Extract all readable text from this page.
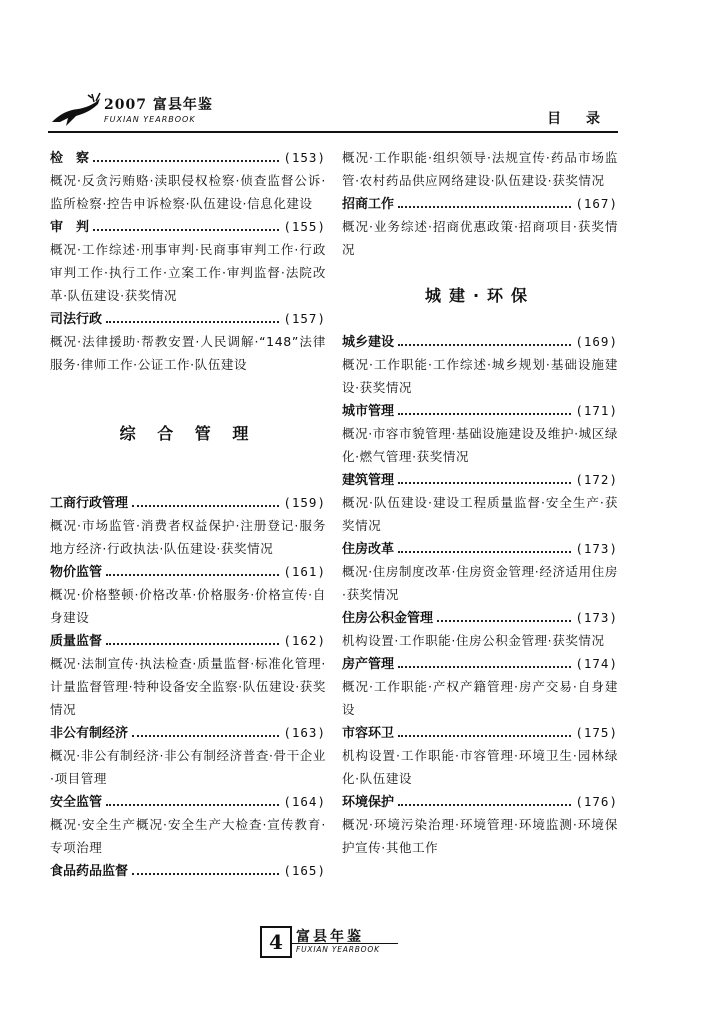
2007 富县年鉴
FUXIAN YEARBOOK	目 录
检　察	(153)
概况·反贪污贿赂·渎职侵权检察·侦查监督公诉·监所检察·控告申诉检察·队伍建设·信息化建设
审　判	(155)
概况·工作综述·刑事审判·民商事审判工作·行政审判工作·执行工作·立案工作·审判监督·法院改革·队伍建设·获奖情况
司法行政	(157)
概况·法律援助·帮教安置·人民调解·“148”法律服务·律师工作·公证工作·队伍建设
综 合 管 理
工商行政管理	(159)
概况·市场监管·消费者权益保护·注册登记·服务地方经济·行政执法·队伍建设·获奖情况
物价监管	(161)
概况·价格整顿·价格改革·价格服务·价格宣传·自身建设
质量监督	(162)
概况·法制宣传·执法检查·质量监督·标准化管理·计量监督管理·特种设备安全监察·队伍建设·获奖情况
非公有制经济	(163)
概况·非公有制经济·非公有制经济普查·骨干企业·项目管理
安全监管	(164)
概况·安全生产概况·安全生产大检查·宣传教育·专项治理
食品药品监督	(165)
概况·工作职能·组织领导·法规宣传·药品市场监管·农村药品供应网络建设·队伍建设·获奖情况
招商工作	(167)
概况·业务综述·招商优惠政策·招商项目·获奖情况
城建·环保
城乡建设	(169)
概况·工作职能·工作综述·城乡规划·基础设施建设·获奖情况
城市管理	(171)
概况·市容市貌管理·基础设施建设及维护·城区绿化·燃气管理·获奖情况
建筑管理	(172)
概况·队伍建设·建设工程质量监督·安全生产·获奖情况
住房改革	(173)
概况·住房制度改革·住房资金管理·经济适用住房·获奖情况
住房公积金管理	(173)
机构设置·工作职能·住房公积金管理·获奖情况
房产管理	(174)
概况·工作职能·产权产籍管理·房产交易·自身建设
市容环卫	(175)
机构设置·工作职能·市容管理·环境卫生·园林绿化·队伍建设
环境保护	(176)
概况·环境污染治理·环境管理·环境监测·环境保护宣传·其他工作
4 富县年鉴
FUXIAN YEARBOOK
